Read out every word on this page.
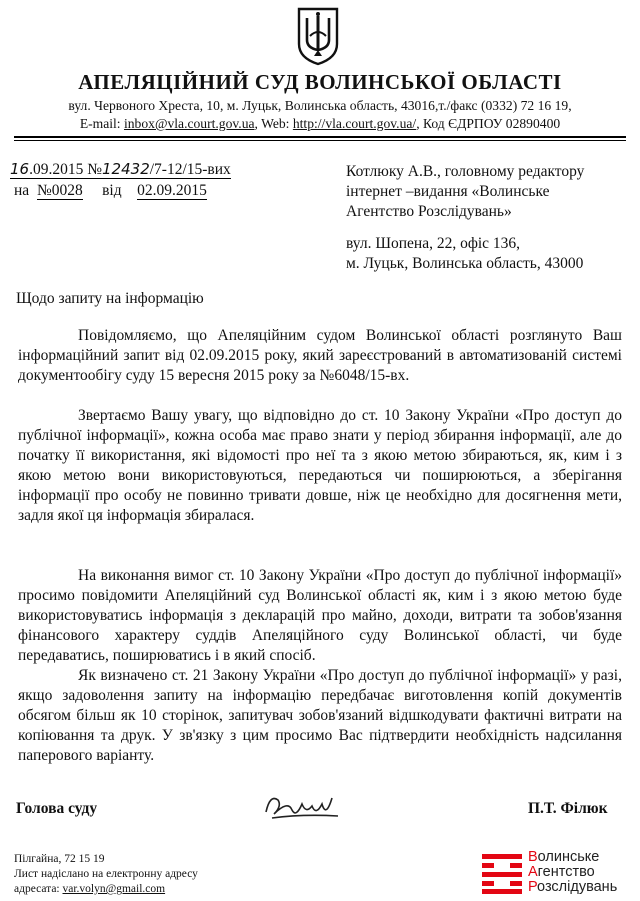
АПЕЛЯЦІЙНИЙ СУД ВОЛИНСЬКОЇ ОБЛАСТІ
вул. Червоного Хреста, 10, м. Луцьк, Волинська область, 43016,т./факс (0332) 72 16 19,
E-mail: inbox@vla.court.gov.ua, Web: http://vla.court.gov.ua/, Код ЄДРПОУ 02890400
16.09.2015 №12432/7-12/15-вих
на №0028 від 02.09.2015
Котлюку А.В., головному редактору
інтернет –видання «Волинське
Агентство Розслідувань»
вул. Шопена, 22, офіс 136,
м. Луцьк, Волинська область, 43000
Щодо запиту на інформацію
Повідомляємо, що Апеляційним судом Волинської області розглянуто Ваш інформаційний запит від 02.09.2015 року, який зареєстрований в автоматизованій системі документообігу суду 15 вересня 2015 року за №6048/15-вх.
Звертаємо Вашу увагу, що відповідно до ст. 10 Закону України «Про доступ до публічної інформації», кожна особа має право знати у період збирання інформації, але до початку її використання, які відомості про неї та з якою метою збираються, як, ким і з якою метою вони використовуються, передаються чи поширюються, а зберігання інформації про особу не повинно тривати довше, ніж це необхідно для досягнення мети, задля якої ця інформація збиралася.
На виконання вимог ст. 10 Закону України «Про доступ до публічної інформації» просимо повідомити Апеляційний суд Волинської області як, ким і з якою метою буде використовуватись інформація з декларацій про майно, доходи, витрати та зобов'язання фінансового характеру суддів Апеляційного суду Волинської області, чи буде передаватись, поширюватись і в який спосіб.
Як визначено ст. 21 Закону України «Про доступ до публічної інформації» у разі, якщо задоволення запиту на інформацію передбачає виготовлення копій документів обсягом більш як 10 сторінок, запитувач зобов'язаний відшкодувати фактичні витрати на копіювання та друк. У зв'язку з цим просимо Вас підтвердити необхідність надсилання паперового варіанту.
Голова суду	П.Т. Філюк
Пілгайна, 72 15 19
Лист надіслано на електронну адресу
адресата: var.volyn@gmail.com
Волинське
Агентство
Розслідувань
